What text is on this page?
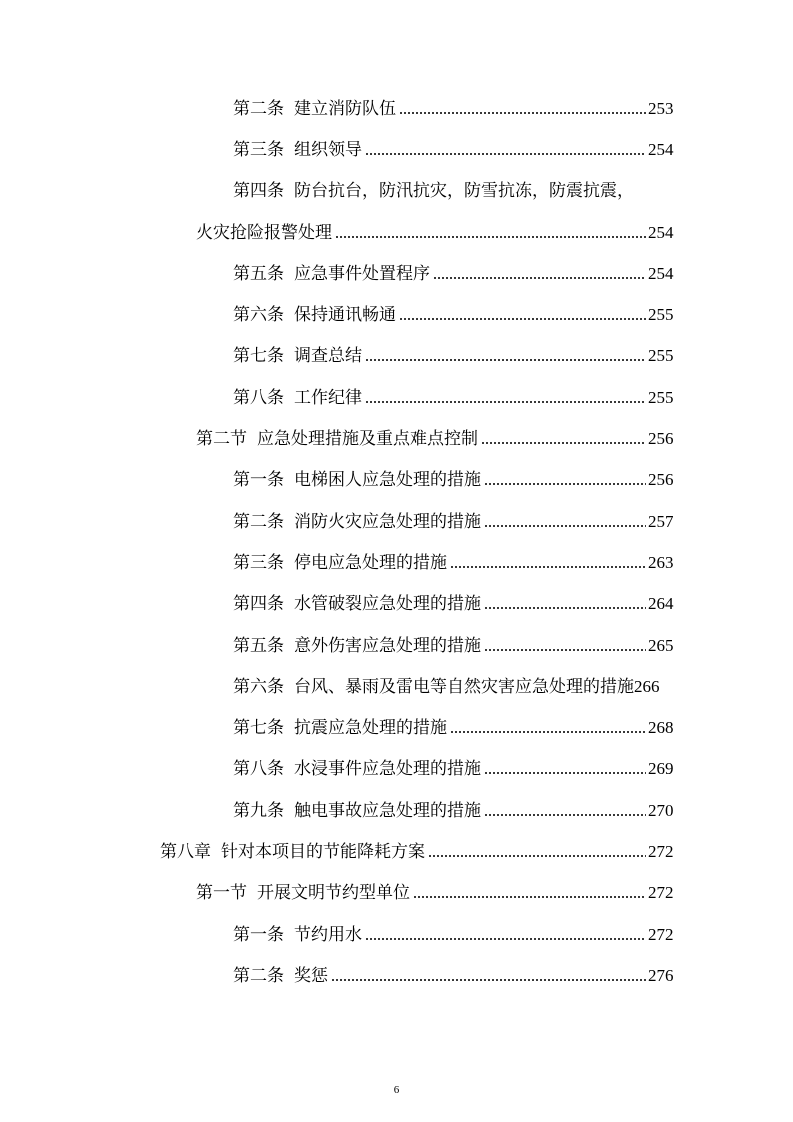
第二条 建立消防队伍	253
第三条 组织领导	254
第四条 防台抗台，防汛抗灾，防雪抗冻，防震抗震，
火灾抢险报警处理	254
第五条 应急事件处置程序	254
第六条 保持通讯畅通	255
第七条 调查总结	255
第八条 工作纪律	255
第二节 应急处理措施及重点难点控制	256
第一条 电梯困人应急处理的措施	256
第二条 消防火灾应急处理的措施	257
第三条 停电应急处理的措施	263
第四条 水管破裂应急处理的措施	264
第五条 意外伤害应急处理的措施	265
第六条 台风、暴雨及雷电等自然灾害应急处理的措施 266
第七条 抗震应急处理的措施	268
第八条 水浸事件应急处理的措施	269
第九条 触电事故应急处理的措施	270
第八章 针对本项目的节能降耗方案	272
第一节 开展文明节约型单位	272
第一条 节约用水	272
第二条 奖惩	276
6
